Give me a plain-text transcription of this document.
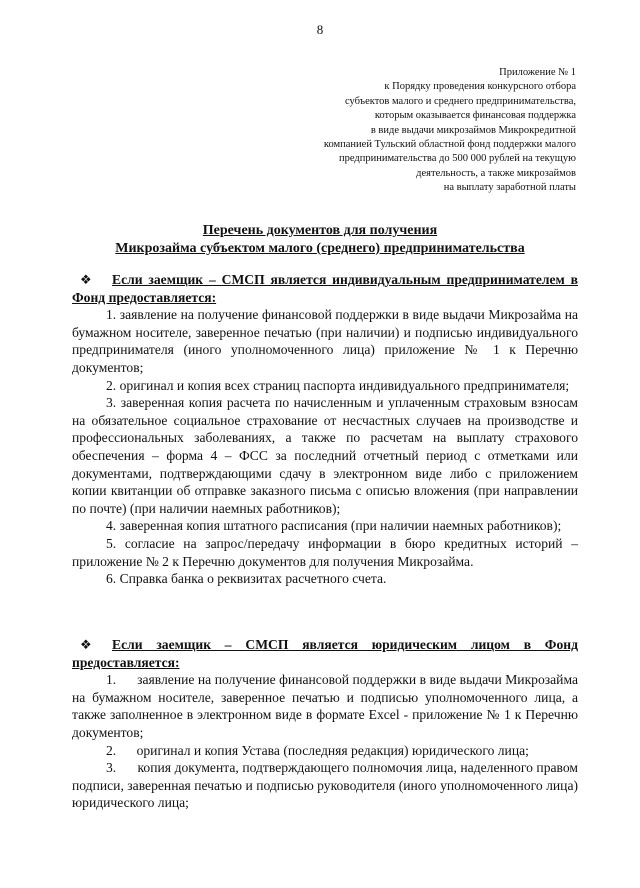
8
Приложение № 1
к Порядку проведения конкурсного отбора
субъектов малого и среднего предпринимательства,
которым оказывается финансовая поддержка
в виде выдачи микрозаймов Микрокредитной
компанией Тульский областной фонд поддержки малого
предпринимательства до 500 000 рублей на текущую
деятельность, а также микрозаймов
на выплату заработной платы
Перечень документов для получения
Микрозайма субъектом малого (среднего) предпринимательства

❖ Если заемщик – СМСП является индивидуальным предпринимателем в Фонд предоставляется:

1. заявление на получение финансовой поддержки в виде выдачи Микрозайма на бумажном носителе, заверенное печатью (при наличии) и подписью индивидуального предпринимателя (иного уполномоченного лица) приложение № 1 к Перечню документов;

2. оригинал и копия всех страниц паспорта индивидуального предпринимателя;

3. заверенная копия расчета по начисленным и уплаченным страховым взносам на обязательное социальное страхование от несчастных случаев на производстве и профессиональных заболеваниях, а также по расчетам на выплату страхового обеспечения – форма 4 – ФСС за последний отчетный период с отметками или документами, подтверждающими сдачу в электронном виде либо с приложением копии квитанции об отправке заказного письма с описью вложения (при направлении по почте) (при наличии наемных работников);

4. заверенная копия штатного расписания (при наличии наемных работников);

5. согласие на запрос/передачу информации в бюро кредитных историй – приложение № 2 к Перечню документов для получения Микрозайма.

6. Справка банка о реквизитах расчетного счета.

❖ Если заемщик – СМСП является юридическим лицом в Фонд предоставляется:

1.      заявление на получение финансовой поддержки в виде выдачи Микрозайма на бумажном носителе, заверенное печатью и подписью уполномоченного лица, а также заполненное в электронном виде в формате Excel - приложение № 1 к Перечню документов;

2.      оригинал и копия Устава (последняя редакция) юридического лица;

3.      копия документа, подтверждающего полномочия лица, наделенного правом подписи, заверенная печатью и подписью руководителя (иного уполномоченного лица) юридического лица;
